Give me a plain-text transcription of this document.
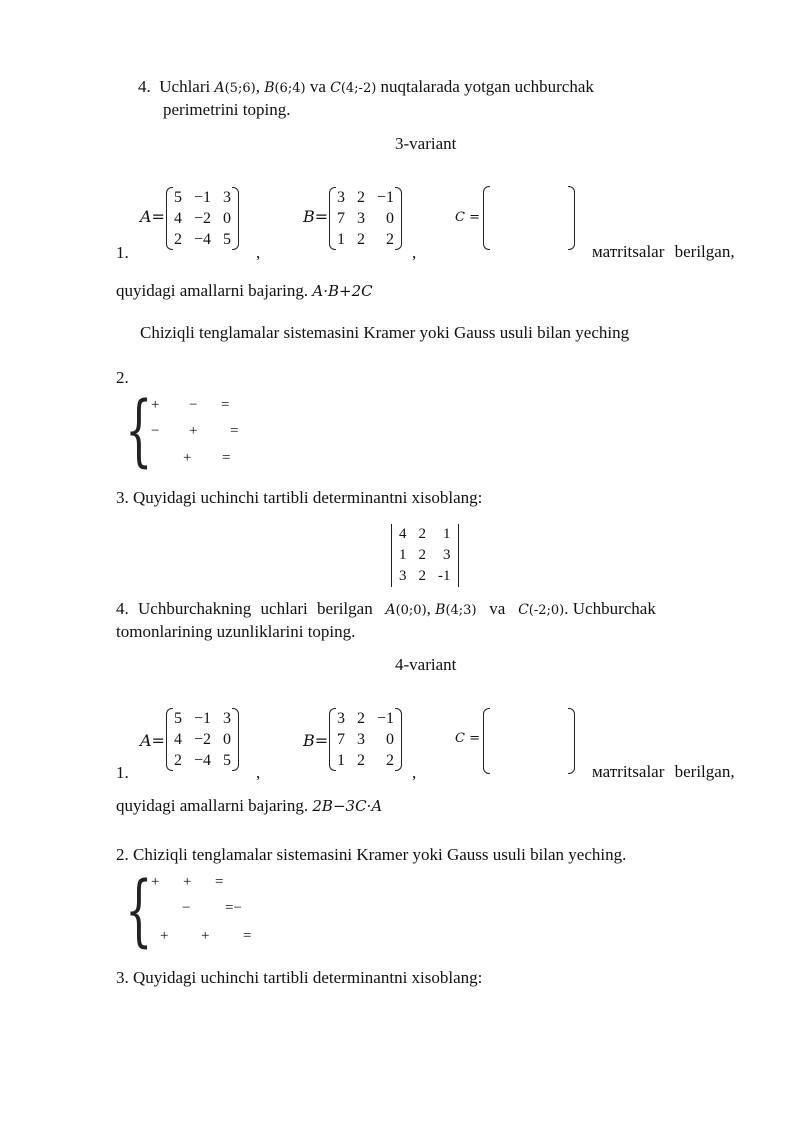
4. Uchlari A(5;6), B(6;4) va C(4;-2) nuqtalarada yotgan uchburchak
perimetrini toping.
3-variant
1.
A=
5	−1	3
4	−2	0
2	−4	5
,
B=
3	2	−1
7	3	0
1	2	2
,
C =
матritsalar berilgan,
quyidagi amallarni bajaring. A·B+2C
Chiziqli tenglamalar sistemasini Kramer yoki Gauss usuli bilan yeching
2.
{
+ − =
− + =
+ =
3. Quyidagi uchinchi tartibli determinantni xisoblang:
4	2	1
1	2	3
3	2	-1
4. Uchburchakning uchlari berilgan A(0;0), B(4;3) va C(-2;0). Uchburchak
tomonlarining uzunliklarini toping.
4-variant
1.
A=
5	−1	3
4	−2	0
2	−4	5
,
B=
3	2	−1
7	3	0
1	2	2
,
C =
матritsalar berilgan,
quyidagi amallarni bajaring. 2B−3C·A
2. Chiziqli tenglamalar sistemasini Kramer yoki Gauss usuli bilan yeching.
{
+ + =
− =−
+ + =
3. Quyidagi uchinchi tartibli determinantni xisoblang:
